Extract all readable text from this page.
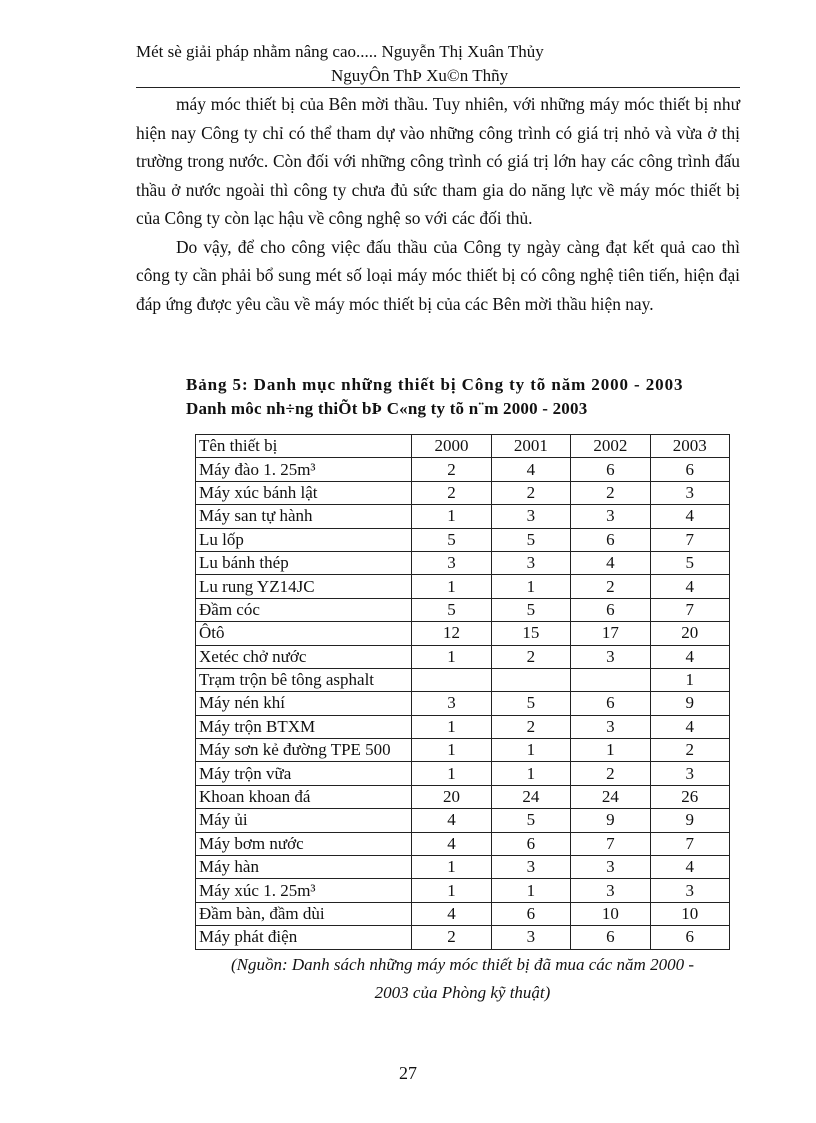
Mét sè giải pháp nhằm nâng cao..... Nguyễn Thị Xuân Thủy

NguyÔn ThÞ Xu©n Thñy

máy móc thiết bị của Bên mời thầu. Tuy nhiên, với những máy móc thiết bị như hiện nay Công ty chỉ có thể tham dự vào những công trình có giá trị nhỏ và vừa ở thị trường trong nước. Còn đối với những công trình có giá trị lớn hay các công trình đấu thầu ở nước ngoài thì công ty chưa đủ sức tham gia do năng lực về máy móc thiết bị của Công ty còn lạc hậu về công nghệ so với các đối thủ.

Do vậy, để cho công việc đấu thầu của Công ty ngày càng đạt kết quả cao thì công ty cần phải bổ sung mét số loại máy móc thiết bị có công nghệ tiên tiến, hiện đại đáp ứng được yêu cầu về máy móc thiết bị của các Bên mời thầu hiện nay.

Bảng 5: Danh mục những thiết bị Công ty tõ năm 2000 - 2003
Danh môc nh÷ng thiÕt bÞ C«ng ty tõ n¨m 2000 - 2003
Tên thiết bị	2000	2001	2002	2003
Máy đào 1. 25m³	2	4	6	6
Máy xúc bánh lật	2	2	2	3
Máy san tự hành	1	3	3	4
Lu lốp	5	5	6	7
Lu bánh thép	3	3	4	5
Lu rung YZ14JC	1	1	2	4
Đầm cóc	5	5	6	7
Ôtô	12	15	17	20
Xetéc chở nước	1	2	3	4
Trạm trộn bê tông asphalt				1
Máy nén khí	3	5	6	9
Máy trộn BTXM	1	2	3	4
Máy sơn kẻ đường TPE 500	1	1	1	2
Máy trộn vữa	1	1	2	3
Khoan khoan đá	20	24	24	26
Máy ủi	4	5	9	9
Máy bơm nước	4	6	7	7
Máy hàn	1	3	3	4
Máy xúc 1. 25m³	1	1	3	3
Đầm bàn, đầm dùi	4	6	10	10
Máy phát điện	2	3	6	6
(Nguồn: Danh sách những máy móc thiết bị đã mua các năm 2000 -
2003 của Phòng kỹ thuật)
27
